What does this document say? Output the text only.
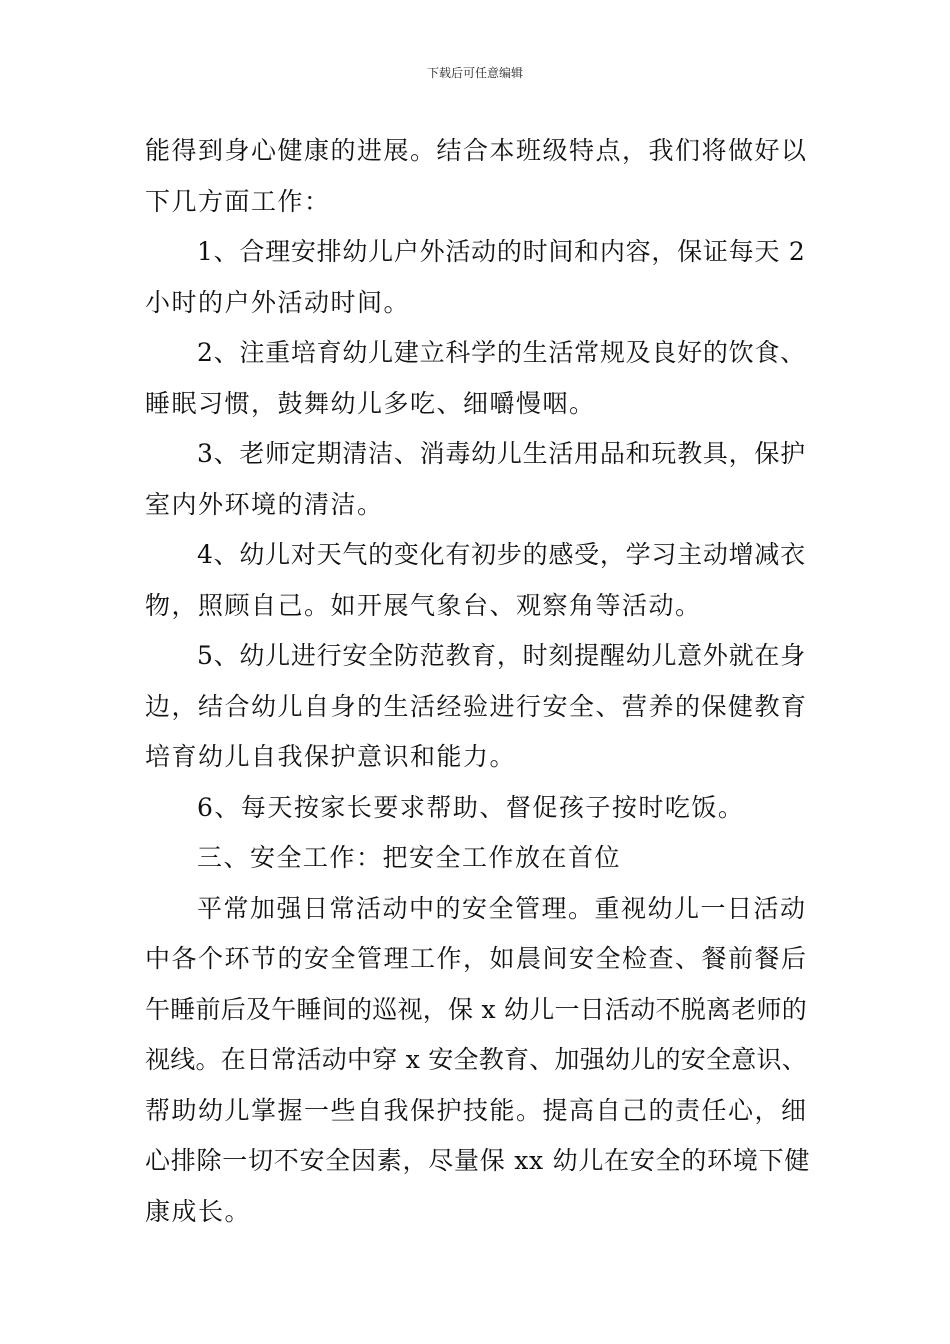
下载后可任意编辑
能得到身心健康的进展。结合本班级特点，我们将做好以
下几方面工作：
1、合理安排幼儿户外活动的时间和内容，保证每天 2
小时的户外活动时间。
2、注重培育幼儿建立科学的生活常规及良好的饮食、
睡眠习惯，鼓舞幼儿多吃、细嚼慢咽。
3、老师定期清洁、消毒幼儿生活用品和玩教具，保护
室内外环境的清洁。
4、幼儿对天气的变化有初步的感受，学习主动增减衣
物，照顾自己。如开展气象台、观察角等活动。
5、幼儿进行安全防范教育，时刻提醒幼儿意外就在身
边，结合幼儿自身的生活经验进行安全、营养的保健教育
培育幼儿自我保护意识和能力。
6、每天按家长要求帮助、督促孩子按时吃饭。
三、安全工作：把安全工作放在首位
平常加强日常活动中的安全管理。重视幼儿一日活动
中各个环节的安全管理工作，如晨间安全检查、餐前餐后
午睡前后及午睡间的巡视，保 x 幼儿一日活动不脱离老师的
视线。在日常活动中穿 x 安全教育、加强幼儿的安全意识、
帮助幼儿掌握一些自我保护技能。提高自己的责任心，细
心排除一切不安全因素，尽量保 xx 幼儿在安全的环境下健
康成长。
